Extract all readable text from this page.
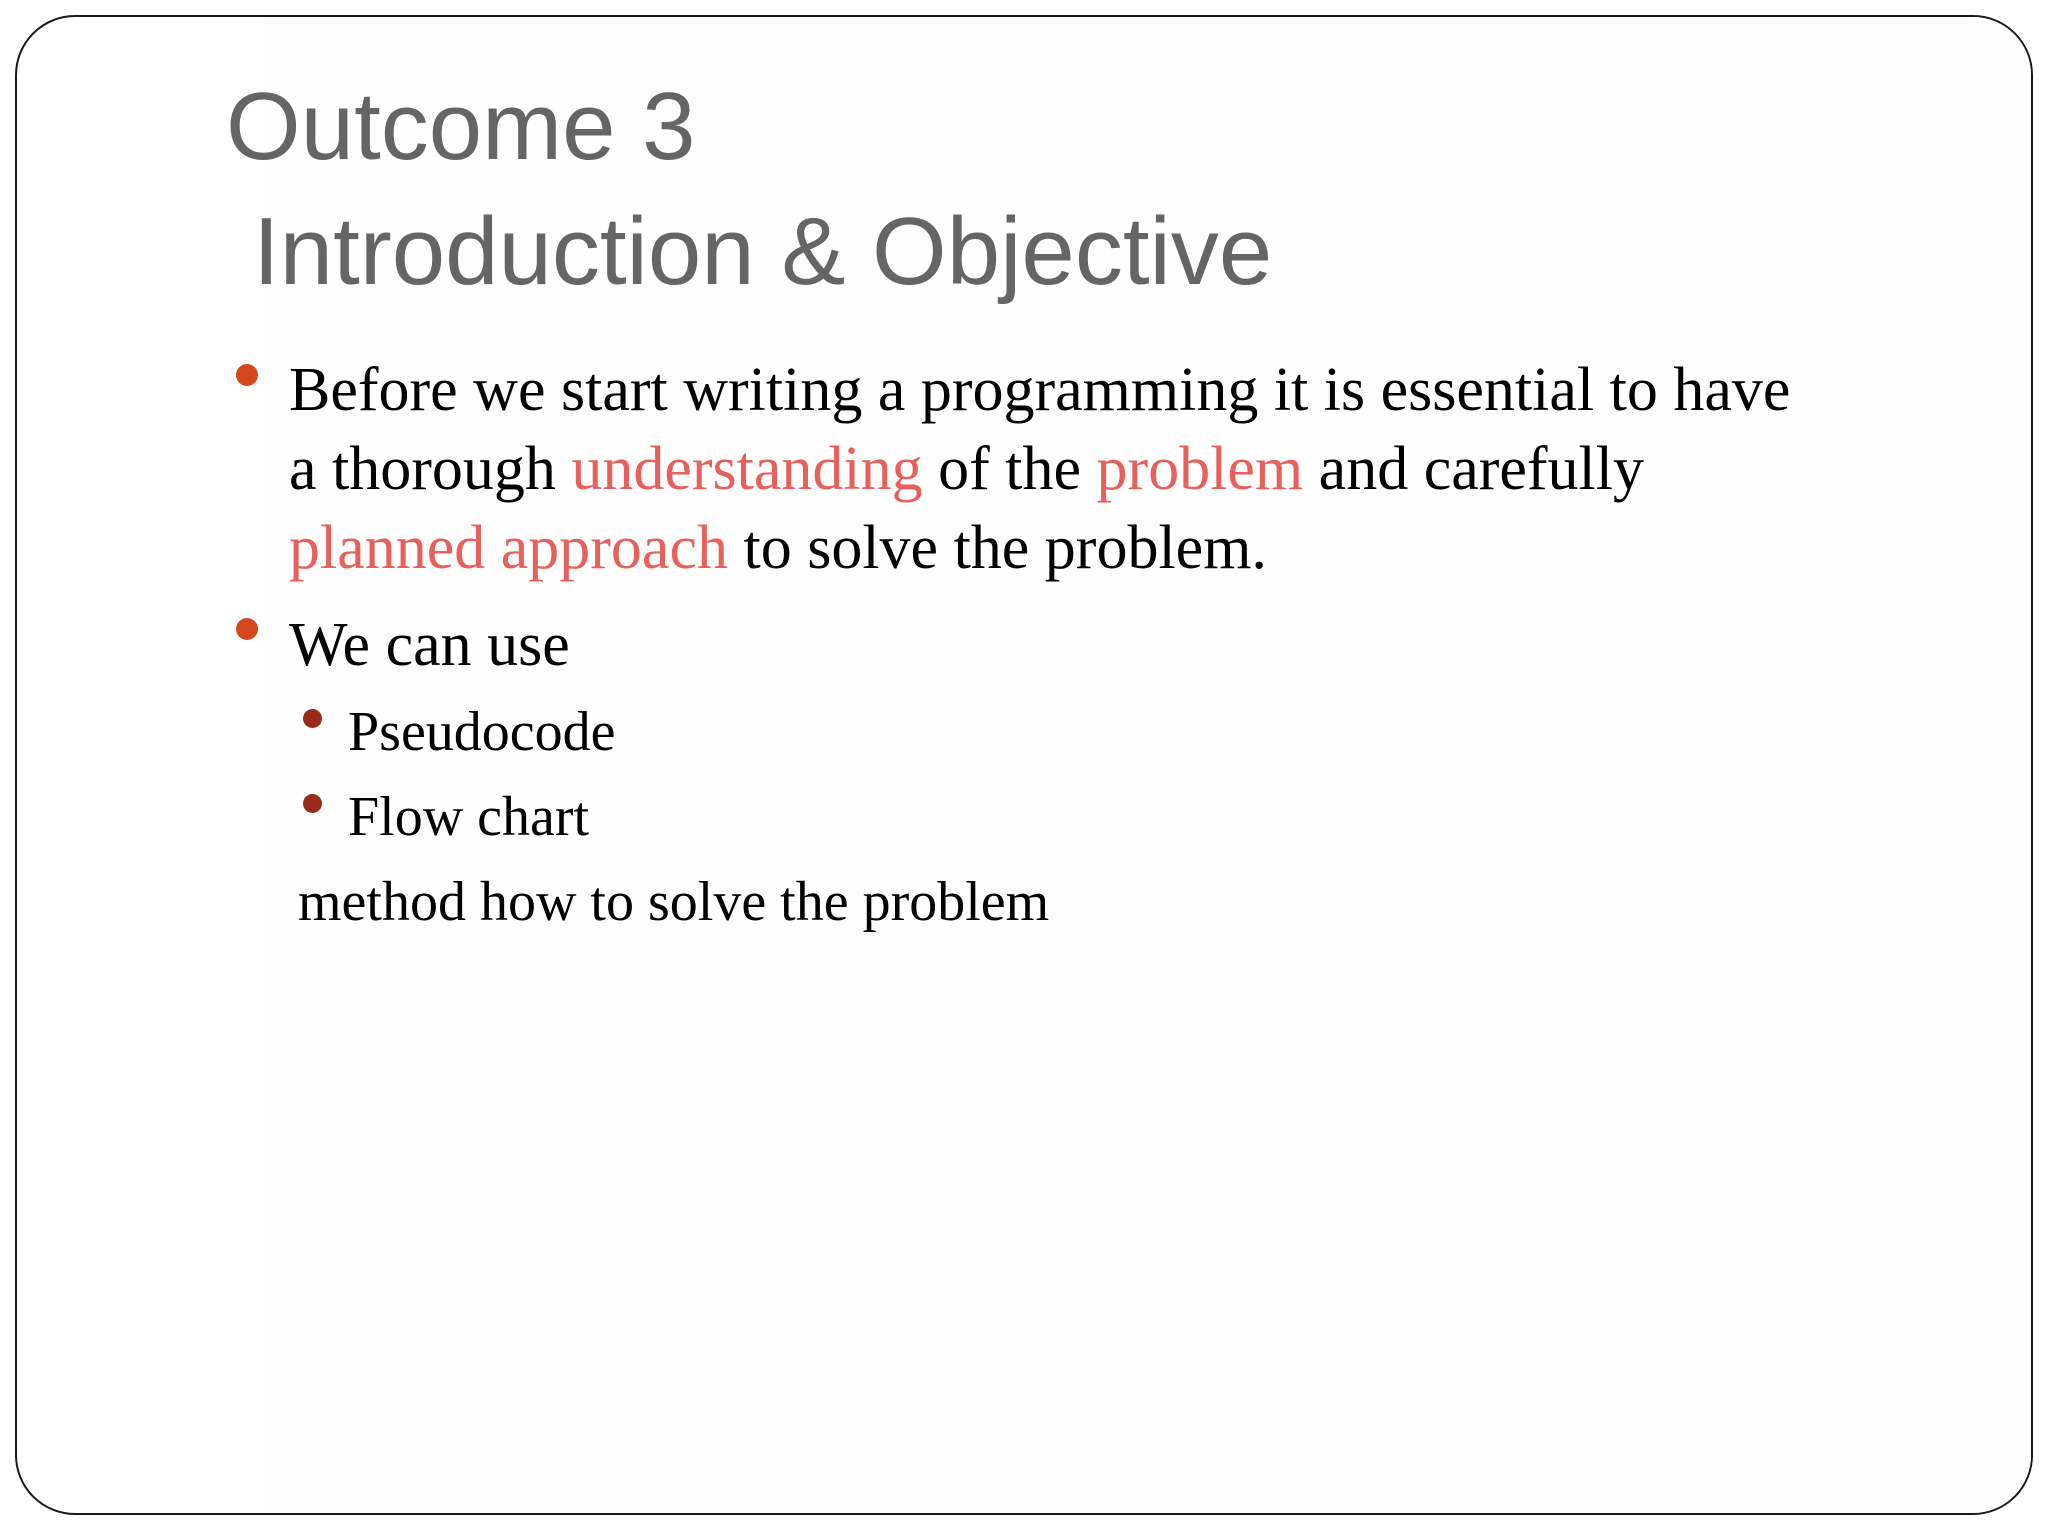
Outcome 3
Introduction & Objective
Before we start writing a programming it is essential to have
a thorough understanding of the problem and carefully
planned approach to solve the problem.
We can use
Pseudocode
Flow chart
method how to solve the problem
